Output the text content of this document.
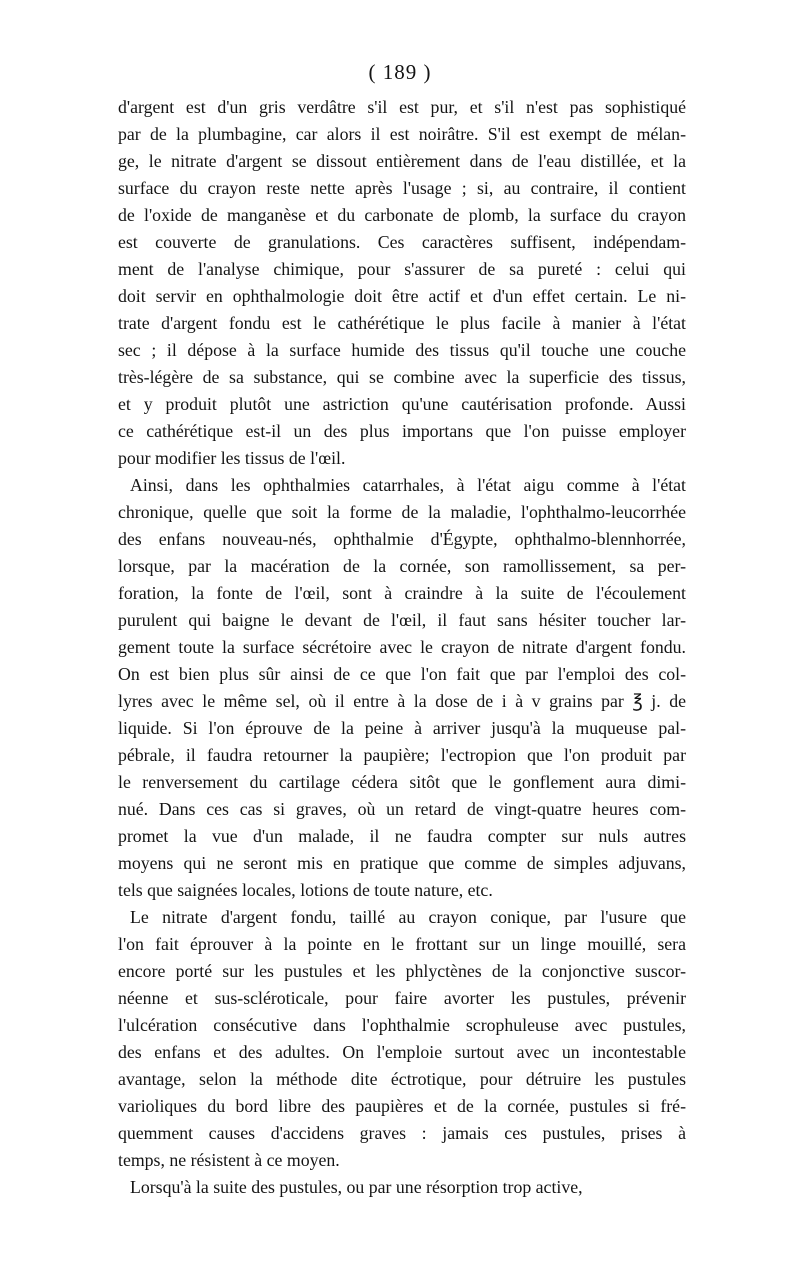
( 189 )
d'argent est d'un gris verdâtre s'il est pur, et s'il n'est pas sophistiqué
par de la plumbagine, car alors il est noirâtre. S'il est exempt de mélan-
ge, le nitrate d'argent se dissout entièrement dans de l'eau distillée, et la
surface du crayon reste nette après l'usage ; si, au contraire, il contient
de l'oxide de manganèse et du carbonate de plomb, la surface du crayon
est couverte de granulations. Ces caractères suffisent, indépendam-
ment de l'analyse chimique, pour s'assurer de sa pureté : celui qui
doit servir en ophthalmologie doit être actif et d'un effet certain. Le ni-
trate d'argent fondu est le cathérétique le plus facile à manier à l'état
sec ; il dépose à la surface humide des tissus qu'il touche une couche
très-légère de sa substance, qui se combine avec la superficie des tissus,
et y produit plutôt une astriction qu'une cautérisation profonde. Aussi
ce cathérétique est-il un des plus importans que l'on puisse employer
pour modifier les tissus de l'œil.
Ainsi, dans les ophthalmies catarrhales, à l'état aigu comme à l'état
chronique, quelle que soit la forme de la maladie, l'ophthalmo-leucorrhée
des enfans nouveau-nés, ophthalmie d'Égypte, ophthalmo-blennhorrée,
lorsque, par la macération de la cornée, son ramollissement, sa per-
foration, la fonte de l'œil, sont à craindre à la suite de l'écoulement
purulent qui baigne le devant de l'œil, il faut sans hésiter toucher lar-
gement toute la surface sécrétoire avec le crayon de nitrate d'argent fondu.
On est bien plus sûr ainsi de ce que l'on fait que par l'emploi des col-
lyres avec le même sel, où il entre à la dose de i à v grains par ℥ j. de
liquide. Si l'on éprouve de la peine à arriver jusqu'à la muqueuse pal-
pébrale, il faudra retourner la paupière; l'ectropion que l'on produit par
le renversement du cartilage cédera sitôt que le gonflement aura dimi-
nué. Dans ces cas si graves, où un retard de vingt-quatre heures com-
promet la vue d'un malade, il ne faudra compter sur nuls autres
moyens qui ne seront mis en pratique que comme de simples adjuvans,
tels que saignées locales, lotions de toute nature, etc.
Le nitrate d'argent fondu, taillé au crayon conique, par l'usure que
l'on fait éprouver à la pointe en le frottant sur un linge mouillé, sera
encore porté sur les pustules et les phlyctènes de la conjonctive suscor-
néenne et sus-scléroticale, pour faire avorter les pustules, prévenir
l'ulcération consécutive dans l'ophthalmie scrophuleuse avec pustules,
des enfans et des adultes. On l'emploie surtout avec un incontestable
avantage, selon la méthode dite éctrotique, pour détruire les pustules
varioliques du bord libre des paupières et de la cornée, pustules si fré-
quemment causes d'accidens graves : jamais ces pustules, prises à
temps, ne résistent à ce moyen.
Lorsqu'à la suite des pustules, ou par une résorption trop active,
